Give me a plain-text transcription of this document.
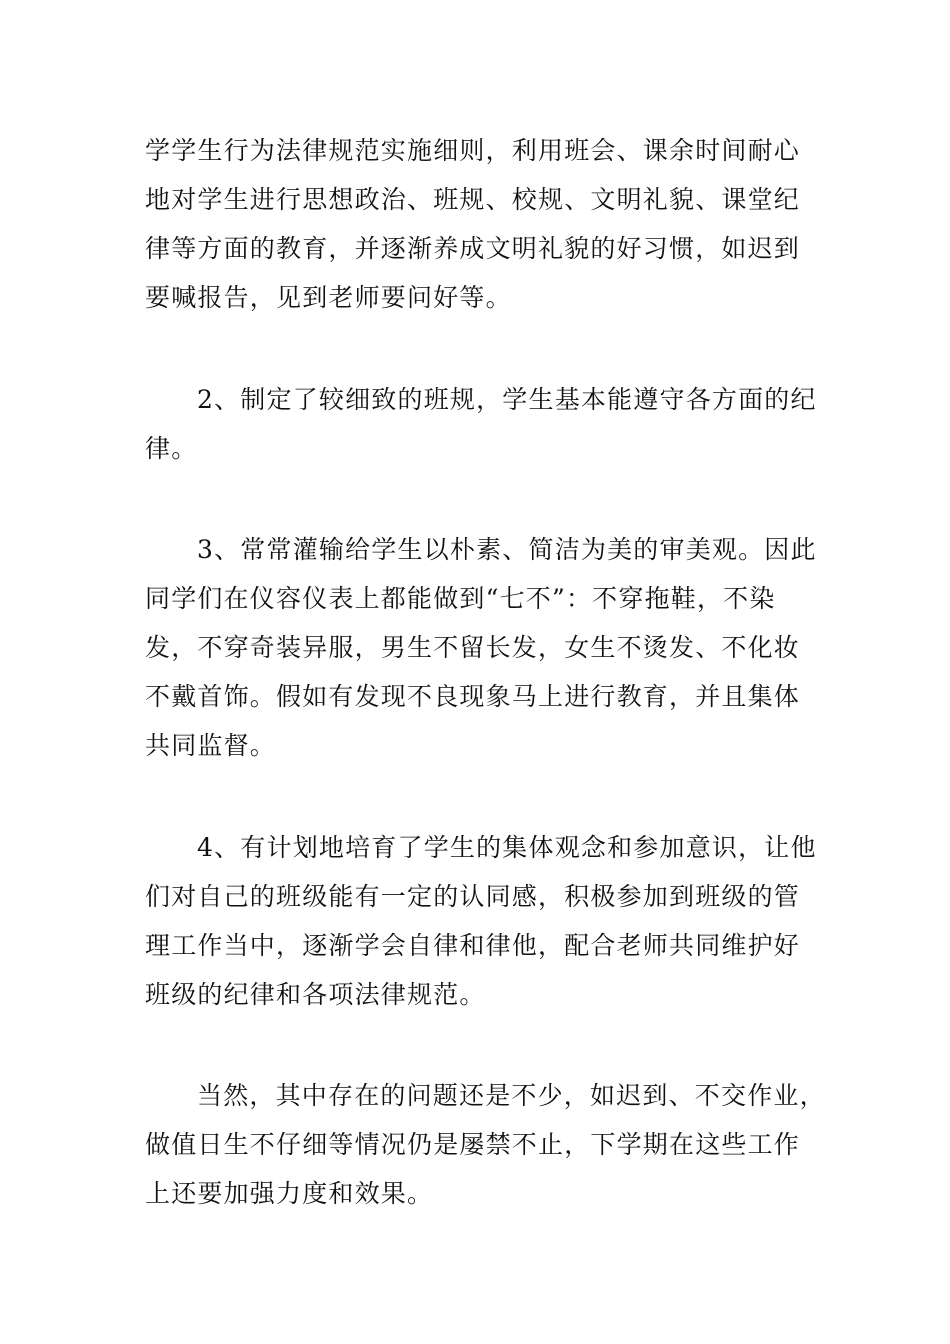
学学生行为法律规范实施细则，利用班会、课余时间耐心
地对学生进行思想政治、班规、校规、文明礼貌、课堂纪
律等方面的教育，并逐渐养成文明礼貌的好习惯，如迟到
要喊报告，见到老师要问好等。

2、制定了较细致的班规，学生基本能遵守各方面的纪
律。

3、常常灌输给学生以朴素、简洁为美的审美观。因此
同学们在仪容仪表上都能做到“七不”：不穿拖鞋，不染
发，不穿奇装异服，男生不留长发，女生不烫发、不化妆
不戴首饰。假如有发现不良现象马上进行教育，并且集体
共同监督。

4、有计划地培育了学生的集体观念和参加意识，让他
们对自己的班级能有一定的认同感，积极参加到班级的管
理工作当中，逐渐学会自律和律他，配合老师共同维护好
班级的纪律和各项法律规范。

当然，其中存在的问题还是不少，如迟到、不交作业，
做值日生不仔细等情况仍是屡禁不止，下学期在这些工作
上还要加强力度和效果。
